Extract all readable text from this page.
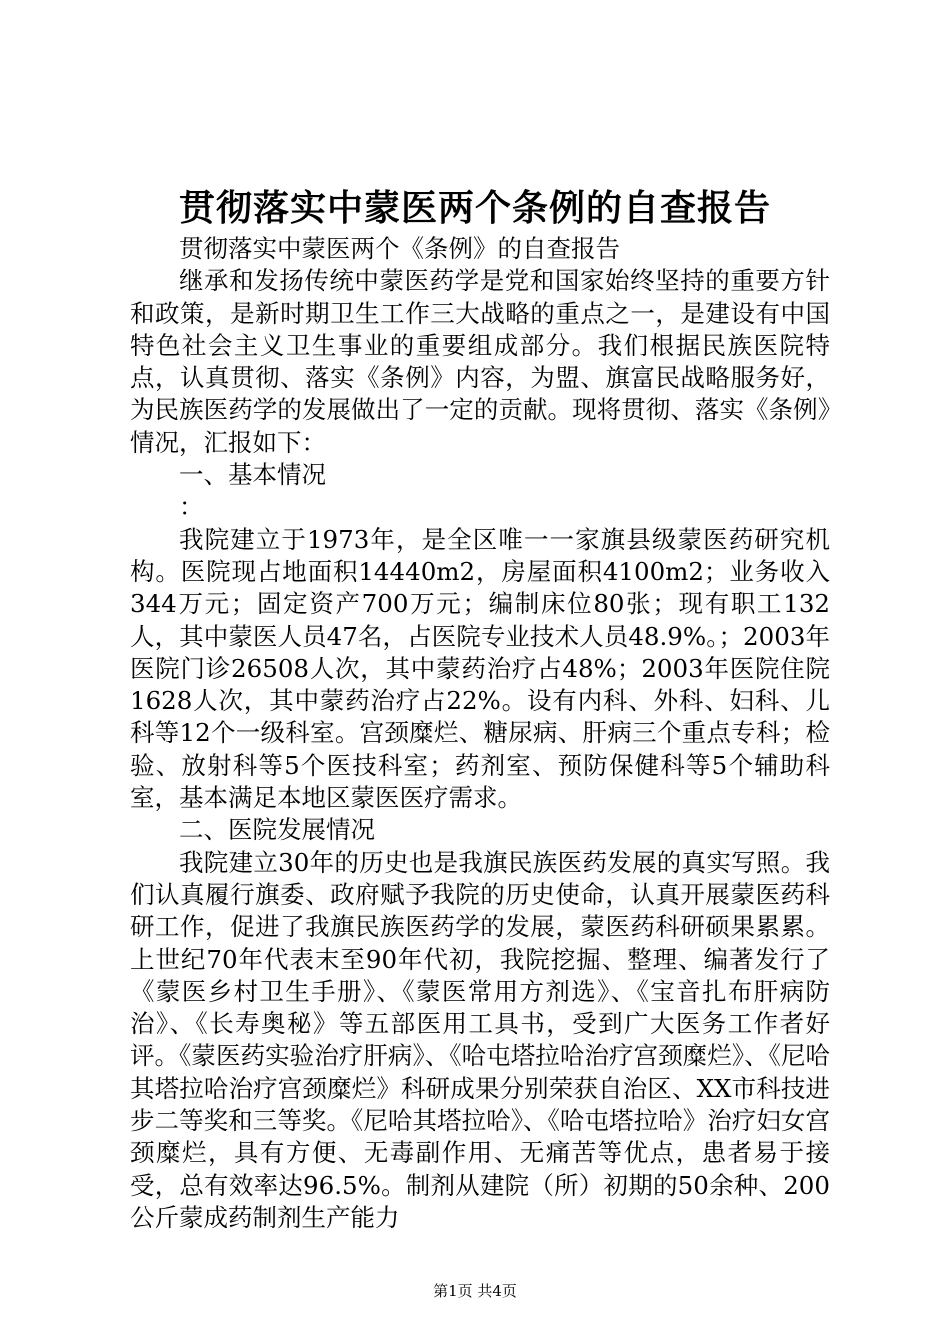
贯彻落实中蒙医两个条例的自查报告

贯彻落实中蒙医两个《条例》的自查报告

继承和发扬传统中蒙医药学是党和国家始终坚持的重要方针和政策，是新时期卫生工作三大战略的重点之一，是建设有中国特色社会主义卫生事业的重要组成部分。我们根据民族医院特点，认真贯彻、落实《条例》内容，为盟、旗富民战略服务好，为民族医药学的发展做出了一定的贡献。现将贯彻、落实《条例》情况，汇报如下：

一、基本情况

：

我院建立于1973年，是全区唯一一家旗县级蒙医药研究机构。医院现占地面积14440m2，房屋面积4100m2；业务收入344万元；固定资产700万元；编制床位80张；现有职工132人，其中蒙医人员47名，占医院专业技术人员48.9%。；2003年医院门诊26508人次，其中蒙药治疗占48%；2003年医院住院1628人次，其中蒙药治疗占22%。设有内科、外科、妇科、儿科等12个一级科室。宫颈糜烂、糖尿病、肝病三个重点专科；检验、放射科等5个医技科室；药剂室、预防保健科等5个辅助科室，基本满足本地区蒙医医疗需求。

二、医院发展情况

我院建立30年的历史也是我旗民族医药发展的真实写照。我们认真履行旗委、政府赋予我院的历史使命，认真开展蒙医药科研工作，促进了我旗民族医药学的发展，蒙医药科研硕果累累。上世纪70年代表末至90年代初，我院挖掘、整理、编著发行了《蒙医乡村卫生手册》、《蒙医常用方剂选》、《宝音扎布肝病防治》、《长寿奥秘》等五部医用工具书，受到广大医务工作者好评。《蒙医药实验治疗肝病》、《哈屯塔拉哈治疗宫颈糜烂》、《尼哈其塔拉哈治疗宫颈糜烂》科研成果分别荣获自治区、XX市科技进步二等奖和三等奖。《尼哈其塔拉哈》、《哈屯塔拉哈》治疗妇女宫颈糜烂，具有方便、无毒副作用、无痛苦等优点，患者易于接受，总有效率达96.5%。制剂从建院（所）初期的50余种、200公斤蒙成药制剂生产能力

第1页 共4页
